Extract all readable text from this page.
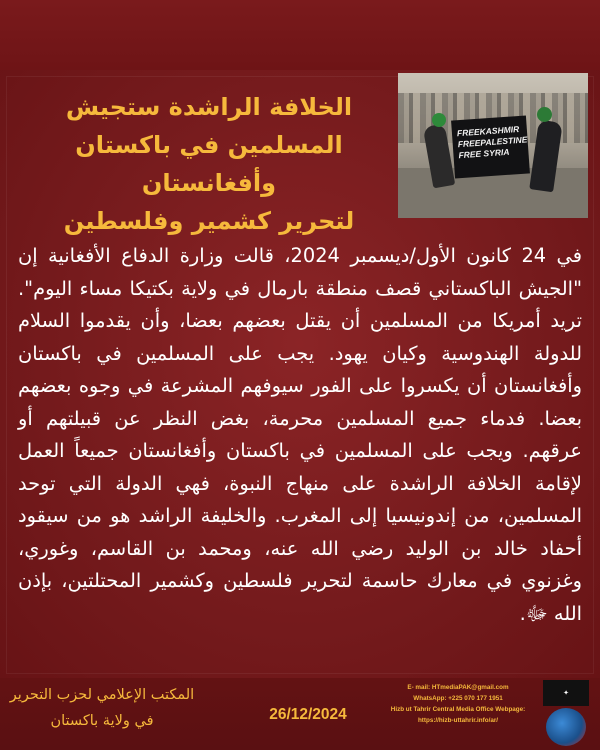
الخلافة الراشدة ستجيش
المسلمين في باكستان وأفغانستان
لتحرير كشمير وفلسطين
FREEKASHMIR
FREEPALESTINE
FREE SYRIA

في 24 كانون الأول/ديسمبر 2024، قالت وزارة الدفاع الأفغانية إن "الجيش الباكستاني قصف منطقة بارمال في ولاية بكتيكا مساء اليوم". تريد أمريكا من المسلمين أن يقتل بعضهم بعضا، وأن يقدموا السلام للدولة الهندوسية وكيان يهود. يجب على المسلمين في باكستان وأفغانستان أن يكسروا على الفور سيوفهم المشرعة في وجوه بعضهم بعضا. فدماء جميع المسلمين محرمة، بغض النظر عن قبيلتهم أو عرقهم. ويجب على المسلمين في باكستان وأفغانستان جميعاً العمل لإقامة الخلافة الراشدة على منهاج النبوة، فهي الدولة التي توحد المسلمين، من إندونيسيا إلى المغرب. والخليفة الراشد هو من سيقود أحفاد خالد بن الوليد رضي الله عنه، ومحمد بن القاسم، وغوري، وغزنوي في معارك حاسمة لتحرير فلسطين وكشمير المحتلتين، بإذن الله ﷻ.

المكتب الإعلامي لحزب التحرير
في ولاية باكستان	26/12/2024
E- mail: HTmediaPAK@gmail.com
WhatsApp: +225 070 177 1951
Hizb ut Tahrir Central Media Office Webpage:
https://hizb-uttahrir.info/ar/
✦
